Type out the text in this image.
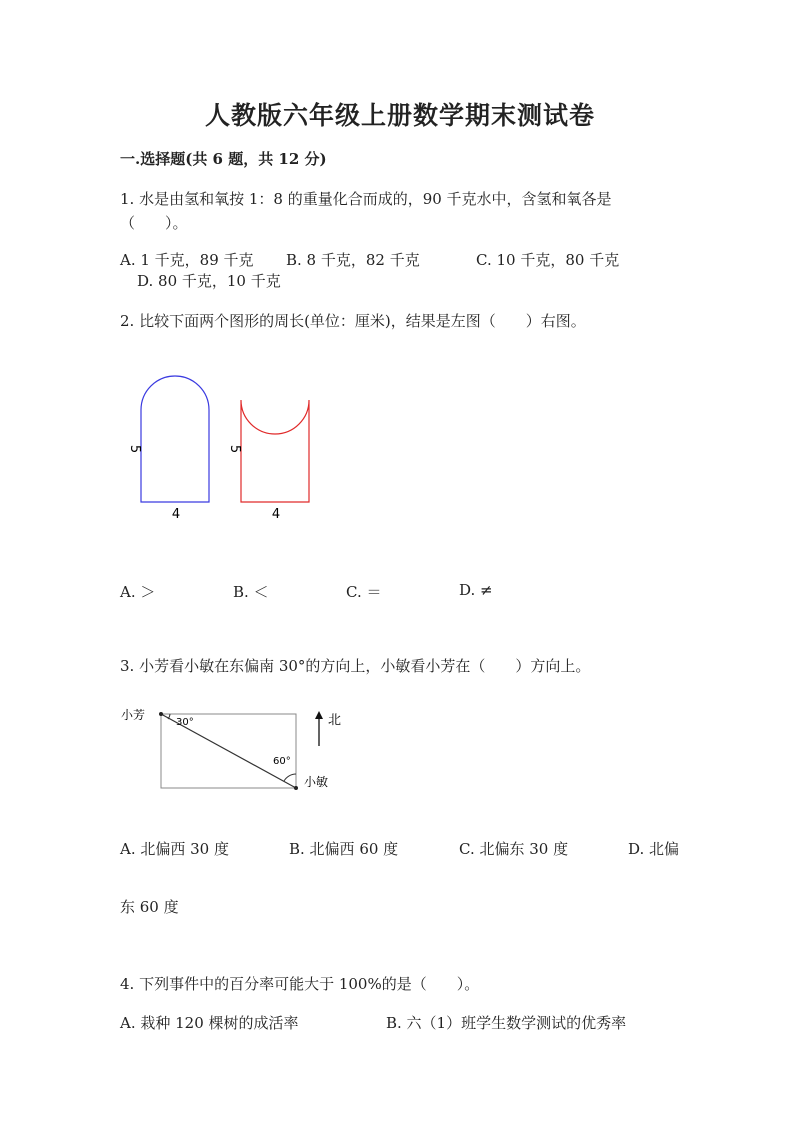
人教版六年级上册数学期末测试卷
一.选择题(共 6 题，共 12 分)
1. 水是由氢和氧按 1：8 的重量化合而成的，90 千克水中，含氢和氧各是
（　　）。
A. 1 千克，89 千克 B. 8 千克，82 千克	C. 10 千克，80 千克
D. 80 千克，10 千克
2. 比较下面两个图形的周长(单位：厘米)，结果是左图（　　）右图。
5
4
5
4
A. ＞	B. ＜	C. ＝	D. ≠
3. 小芳看小敏在东偏南 30°的方向上，小敏看小芳在（　　）方向上。
小芳
小敏
30°
60°
北
A. 北偏西 30 度	B. 北偏西 60 度	C. 北偏东 30 度	D. 北偏
东 60 度
4. 下列事件中的百分率可能大于 100%的是（　　）。
A. 栽种 120 棵树的成活率	B. 六（1）班学生数学测试的优秀率
